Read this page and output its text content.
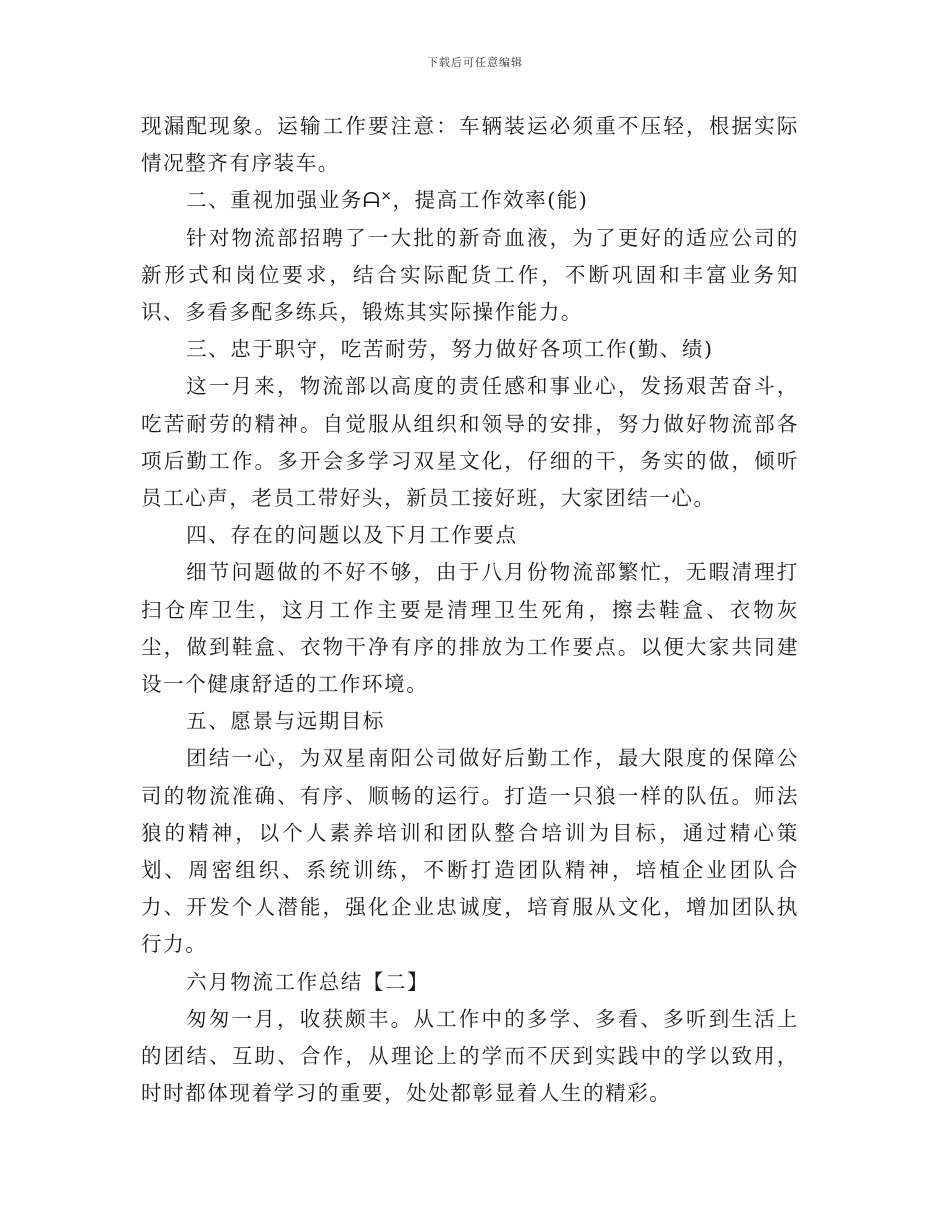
下载后可任意编辑

现漏配现象。运输工作要注意：车辆装运必须重不压轻，根据实际情况整齐有序装车。

二、重视加强业务ᗩᕁ，提高工作效率(能)

针对物流部招聘了一大批的新奇血液，为了更好的适应公司的新形式和岗位要求，结合实际配货工作，不断巩固和丰富业务知识、多看多配多练兵，锻炼其实际操作能力。

三、忠于职守，吃苦耐劳，努力做好各项工作(勤、绩)

这一月来，物流部以高度的责任感和事业心，发扬艰苦奋斗，吃苦耐劳的精神。自觉服从组织和领导的安排，努力做好物流部各项后勤工作。多开会多学习双星文化，仔细的干，务实的做，倾听员工心声，老员工带好头，新员工接好班，大家团结一心。

四、存在的问题以及下月工作要点

细节问题做的不好不够，由于八月份物流部繁忙，无暇清理打扫仓库卫生，这月工作主要是清理卫生死角，擦去鞋盒、衣物灰尘，做到鞋盒、衣物干净有序的排放为工作要点。以便大家共同建设一个健康舒适的工作环境。

五、愿景与远期目标

团结一心，为双星南阳公司做好后勤工作，最大限度的保障公司的物流准确、有序、顺畅的运行。打造一只狼一样的队伍。师法狼的精神，以个人素养培训和团队整合培训为目标，通过精心策划、周密组织、系统训练，不断打造团队精神，培植企业团队合力、开发个人潜能，强化企业忠诚度，培育服从文化，增加团队执行力。

六月物流工作总结【二】

匆匆一月，收获颇丰。从工作中的多学、多看、多听到生活上的团结、互助、合作，从理论上的学而不厌到实践中的学以致用，时时都体现着学习的重要，处处都彰显着人生的精彩。
